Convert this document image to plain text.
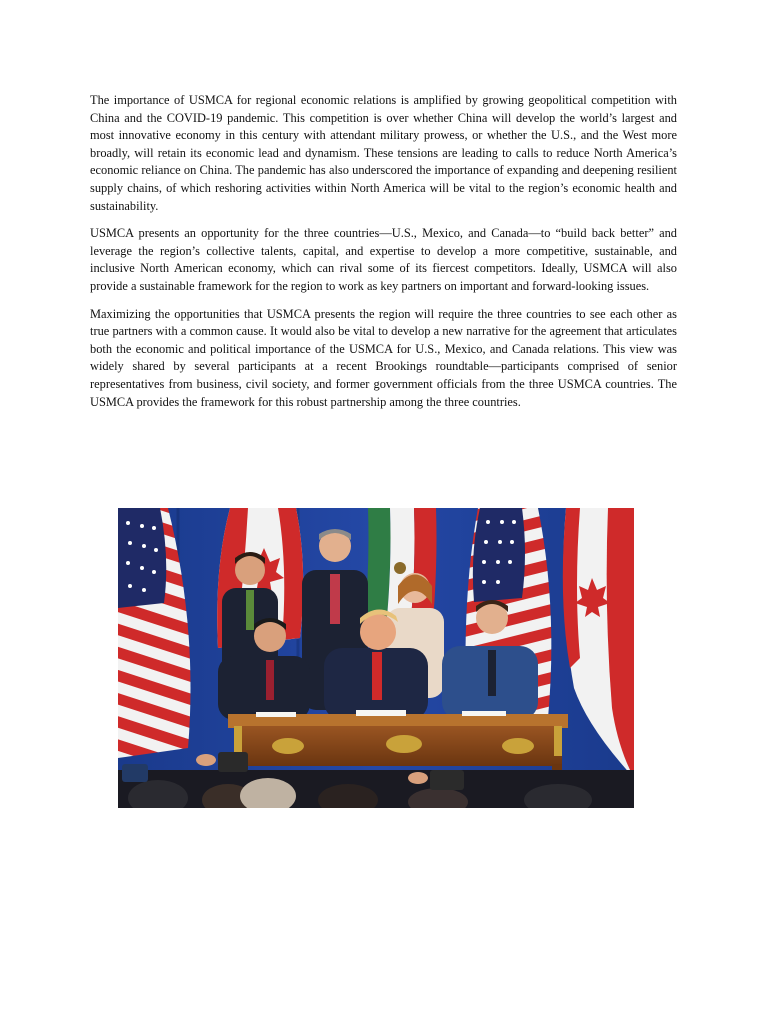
The importance of USMCA for regional economic relations is amplified by growing geopolitical competition with China and the COVID-19 pandemic. This competition is over whether China will develop the world’s largest and most innovative economy in this century with attendant military prowess, or whether the U.S., and the West more broadly, will retain its economic lead and dynamism. These tensions are leading to calls to reduce North America’s economic reliance on China. The pandemic has also underscored the importance of expanding and deepening resilient supply chains, of which reshoring activities within North America will be vital to the region’s economic health and sustainability.

USMCA presents an opportunity for the three countries—U.S., Mexico, and Canada—to “build back better” and leverage the region’s collective talents, capital, and expertise to develop a more competitive, sustainable, and inclusive North American economy, which can rival some of its fiercest competitors. Ideally, USMCA will also provide a sustainable framework for the region to work as key partners on important and forward-looking issues.

Maximizing the opportunities that USMCA presents the region will require the three countries to see each other as true partners with a common cause. It would also be vital to develop a new narrative for the agreement that articulates both the economic and political importance of the USMCA for U.S., Mexico, and Canada relations. This view was widely shared by several participants at a recent Brookings roundtable—participants comprised of senior representatives from business, civil society, and former government officials from the three USMCA countries. The USMCA provides the framework for this robust partnership among the three countries.
